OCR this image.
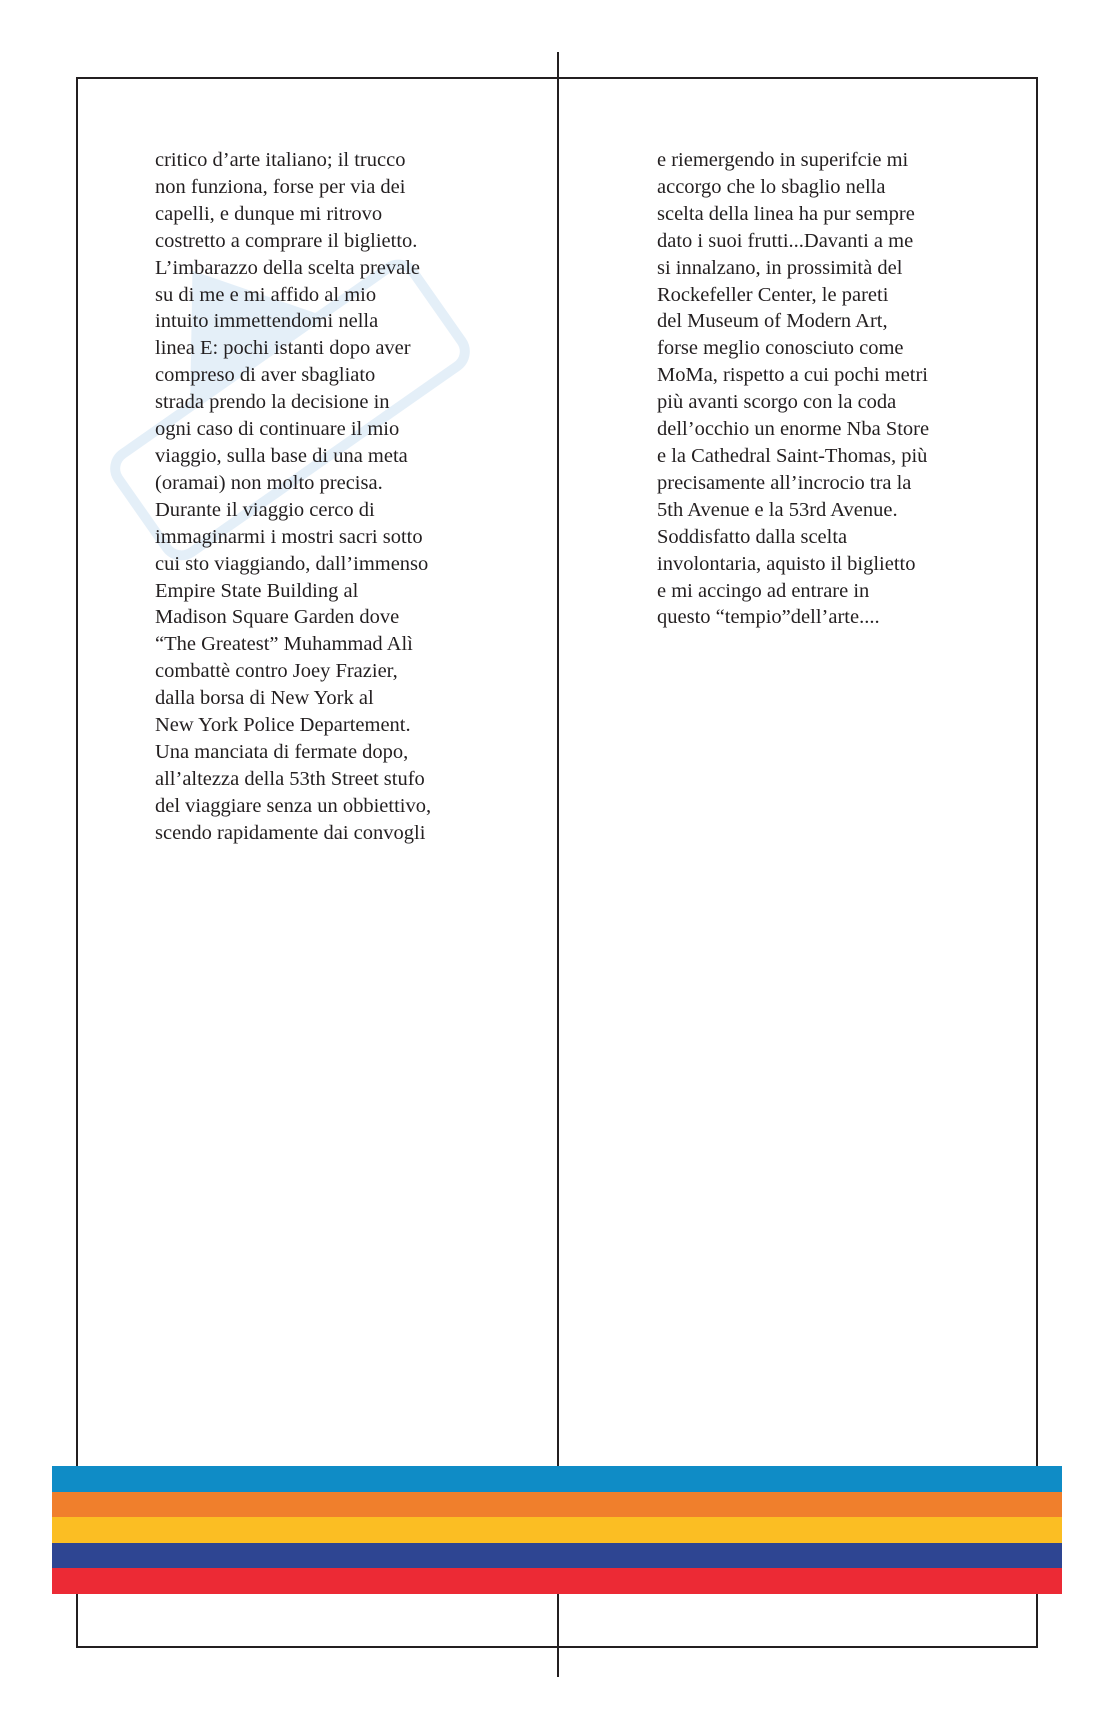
critico d’arte italiano; il trucco

non funziona, forse per via dei

capelli, e dunque mi ritrovo

costretto a comprare il biglietto.

L’imbarazzo della scelta prevale

su di me e mi affido al mio

intuito immettendomi nella

linea E: pochi istanti dopo aver

compreso di aver sbagliato

strada prendo la decisione in

ogni caso di continuare il mio

viaggio, sulla base di una meta

(oramai) non molto precisa.

Durante il viaggio cerco di

immaginarmi i mostri sacri sotto

cui sto viaggiando, dall’immenso

Empire State Building al

Madison Square Garden dove

“The Greatest” Muhammad Alì

combattè contro Joey Frazier,

dalla borsa di New York al

New York Police Departement.

Una manciata di fermate dopo,

all’altezza della 53th Street stufo

del viaggiare senza un obbiettivo,

scendo rapidamente dai convogli

e riemergendo in superifcie mi

accorgo che lo sbaglio nella

scelta della linea ha pur sempre

dato i suoi frutti...Davanti a me

si innalzano, in prossimità del

Rockefeller Center, le pareti

del Museum of Modern Art,

forse meglio conosciuto come

MoMa, rispetto a cui pochi metri

più avanti scorgo con la coda

dell’occhio un enorme Nba Store

e la Cathedral Saint-Thomas, più

precisamente all’incrocio tra la

5th Avenue e la 53rd Avenue.

Soddisfatto dalla scelta

involontaria, aquisto il biglietto

e mi accingo ad entrare in

questo “tempio”dell’arte....
